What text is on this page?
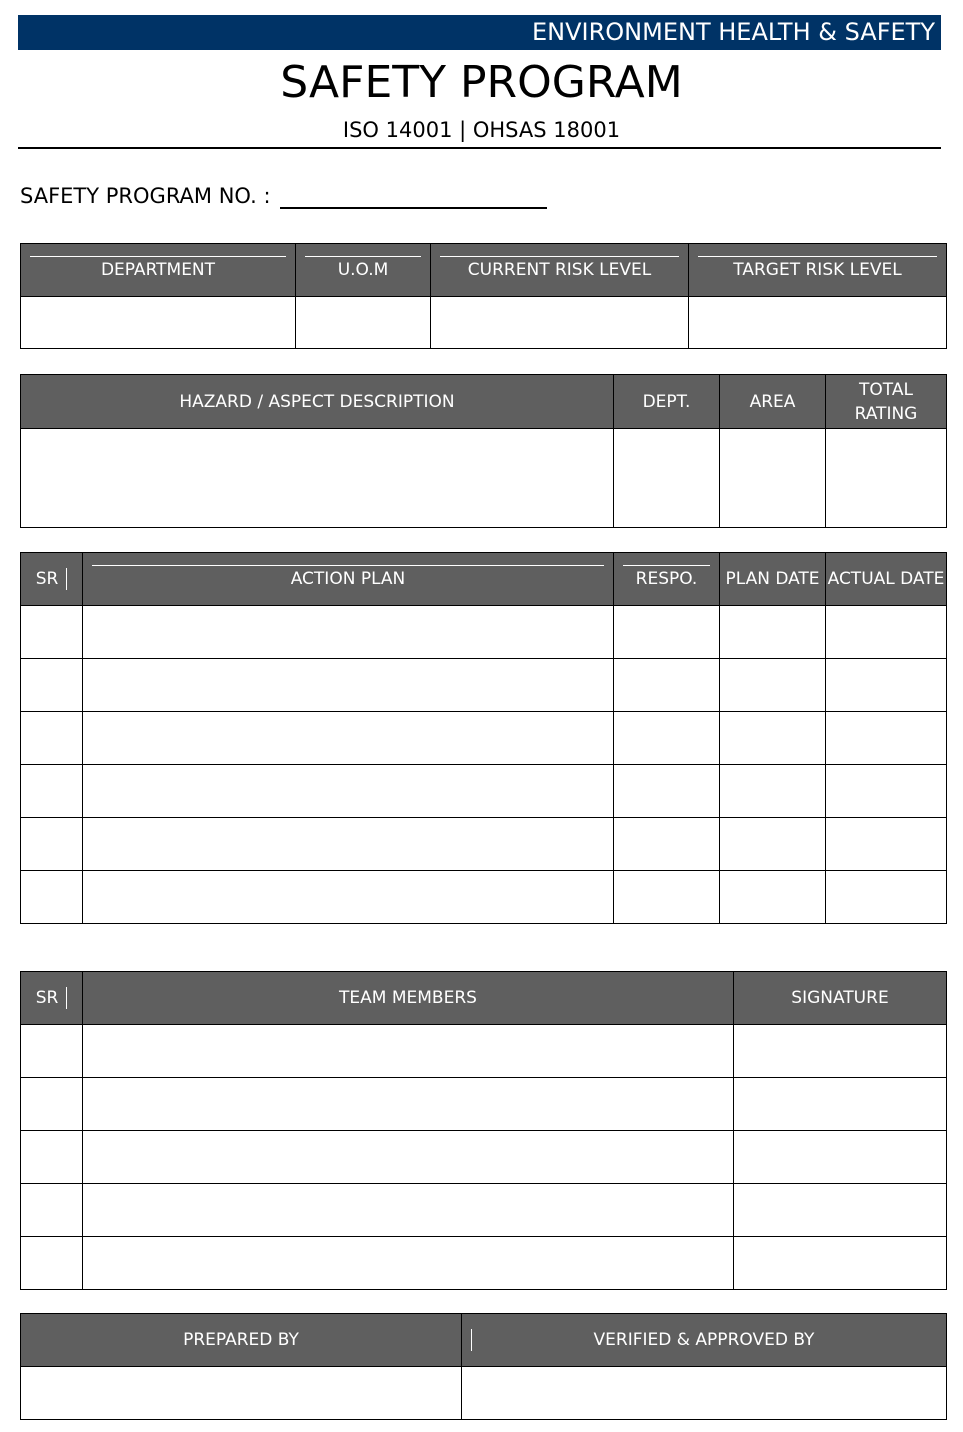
ENVIRONMENT HEALTH & SAFETY
SAFETY PROGRAM
ISO 14001 | OHSAS 18001
SAFETY PROGRAM NO. :
DEPARTMENT	U.O.M	CURRENT RISK LEVEL	TARGET RISK LEVEL

HAZARD / ASPECT DESCRIPTION	DEPT.	AREA	TOTAL RATING

SR	ACTION PLAN	RESPO.	PLAN DATE	ACTUAL DATE

SR	TEAM MEMBERS	SIGNATURE

PREPARED BY	VERIFIED & APPROVED BY
